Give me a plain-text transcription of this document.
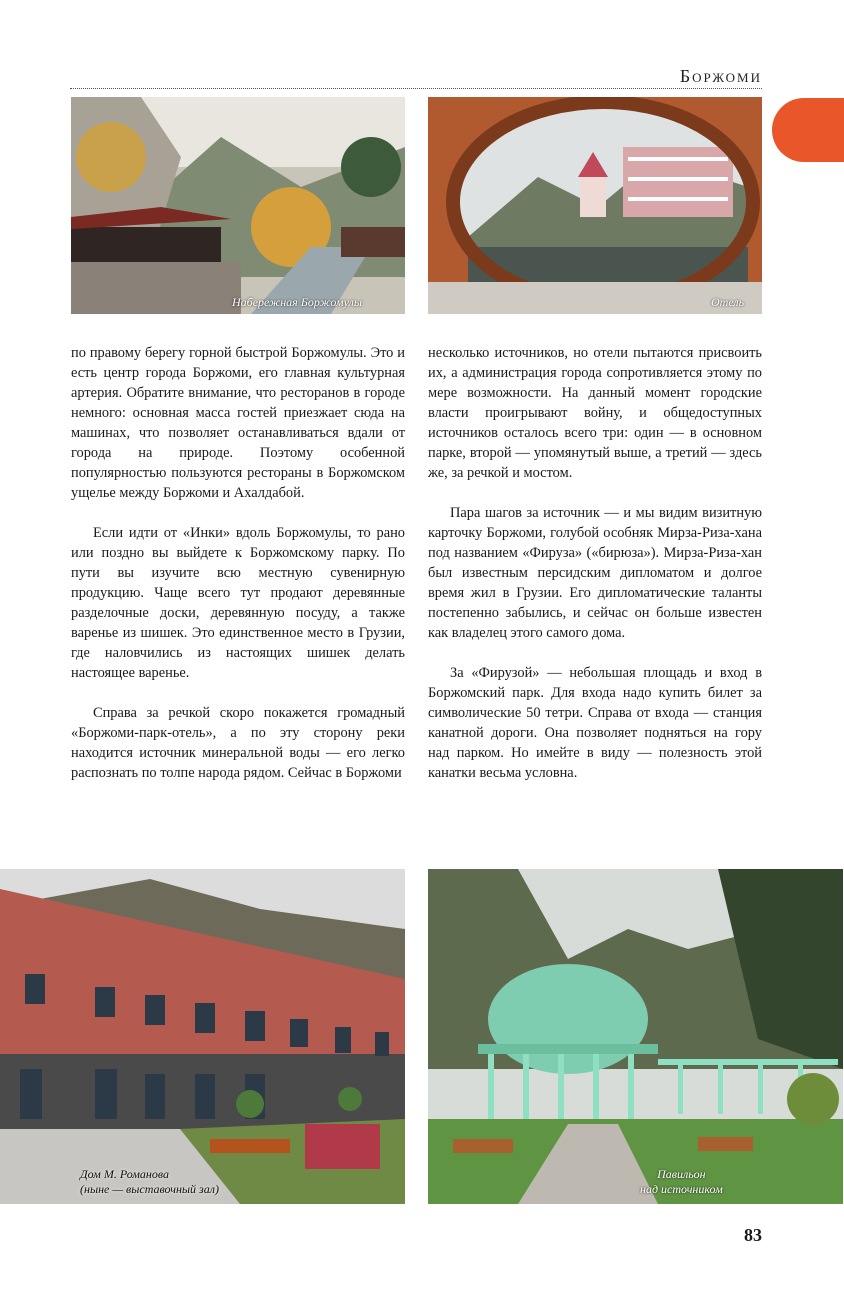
Боржоми
Набережная Боржомулы	Отель

по правому берегу горной быстрой Боржомулы. Это и есть центр города Боржоми, его главная культурная артерия. Обратите внимание, что ресторанов в городе немного: основная масса гостей приезжает сюда на машинах, что позволяет останавливаться вдали от города на природе. Поэтому особенной популярностью пользуются рестораны в Боржомском ущелье между Боржоми и Ахалдабой.

Если идти от «Инки» вдоль Боржомулы, то рано или поздно вы выйдете к Боржомскому парку. По пути вы изучите всю местную сувенирную продукцию. Чаще всего тут продают деревянные разделочные доски, деревянную посуду, а также варенье из шишек. Это единственное место в Грузии, где наловчились из настоящих шишек делать настоящее варенье.

Справа за речкой скоро покажется громадный «Боржоми-парк-отель», а по эту сторону реки находится источник минеральной воды — его легко распознать по толпе народа рядом. Сейчас в Боржоми

несколько источников, но отели пытаются присвоить их, а администрация города сопротивляется этому по мере возможности. На данный момент городские власти проигрывают войну, и общедоступных источников осталось всего три: один — в основном парке, второй — упомянутый выше, а третий — здесь же, за речкой и мостом.

Пара шагов за источник — и мы видим визитную карточку Боржоми, голубой особняк Мирза-Риза-хана под названием «Фируза» («бирюза»). Мирза-Риза-хан был известным персидским дипломатом и долгое время жил в Грузии. Его дипломатические таланты постепенно забылись, и сейчас он больше известен как владелец этого самого дома.

За «Фирузой» — небольшая площадь и вход в Боржомский парк. Для входа надо купить билет за символические 50 тетри. Справа от входа — станция канатной дороги. Она позволяет подняться на гору над парком. Но имейте в виду — полезность этой канатки весьма условна.

Дом М. Романова
(ныне — выставочный зал)
Павильон
над источником
83
